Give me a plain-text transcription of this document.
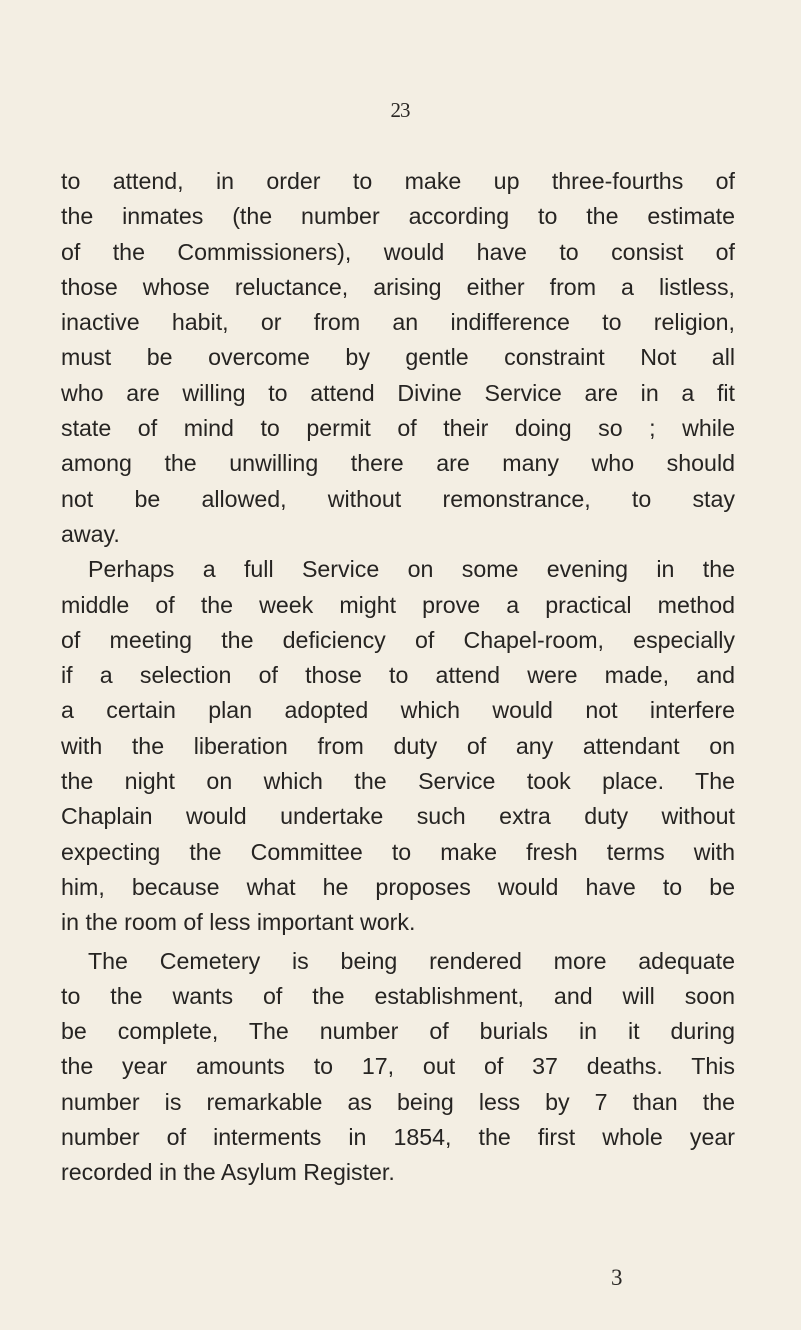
23
to attend, in order to make up three-fourths of
the inmates (the number according to the estimate
of the Commissioners), would have to consist of
those whose reluctance, arising either from a listless,
inactive habit, or from an indifference to religion,
must be overcome by gentle constraint Not all
who are willing to attend Divine Service are in a fit
state of mind to permit of their doing so ; while
among the unwilling there are many who should
not be allowed, without remonstrance, to stay
away.
Perhaps a full Service on some evening in the
middle of the week might prove a practical method
of meeting the deficiency of Chapel-room, especially
if a selection of those to attend were made, and
a certain plan adopted which would not interfere
with the liberation from duty of any attendant on
the night on which the Service took place. The
Chaplain would undertake such extra duty without
expecting the Committee to make fresh terms with
him, because what he proposes would have to be
in the room of less important work.
The Cemetery is being rendered more adequate
to the wants of the establishment, and will soon
be complete, The number of burials in it during
the year amounts to 17, out of 37 deaths. This
number is remarkable as being less by 7 than the
number of interments in 1854, the first whole year
recorded in the Asylum Register.
3
